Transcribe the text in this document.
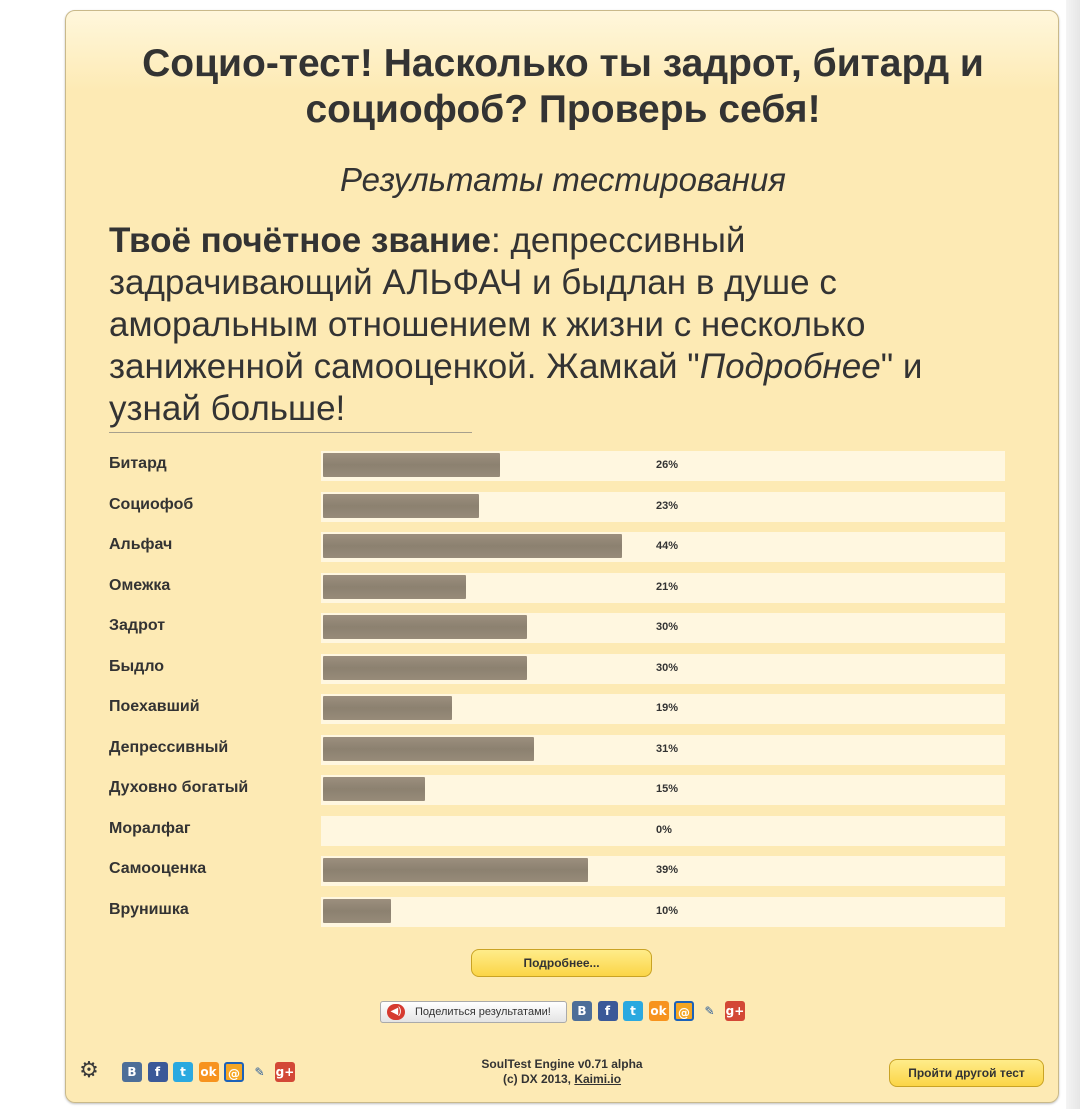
Социо-тест! Насколько ты задрот, битард и социофоб? Проверь себя!
Результаты тестирования
Твоё почётное звание: депрессивный задрачивающий АЛЬФАЧ и быдлан в душе с аморальным отношением к жизни с несколько заниженной самооценкой. Жамкай "Подробнее" и узнай больше!
Битард	26%
Социофоб	23%
Альфач	44%
Омежка	21%
Задрот	30%
Быдло	30%
Поехавший	19%
Депрессивный	31%
Духовно богатый	15%
Моралфаг	0%
Самооценка	39%
Врунишка	10%
Подробнее...
◀)	Поделиться результатами!	В	f	t	ok @	✎ g+
⚙	В	f	t	ok @	✎ g+
SoulTest Engine v0.71 alpha
(c) DX 2013, Kaimi.io	Пройти другой тест
